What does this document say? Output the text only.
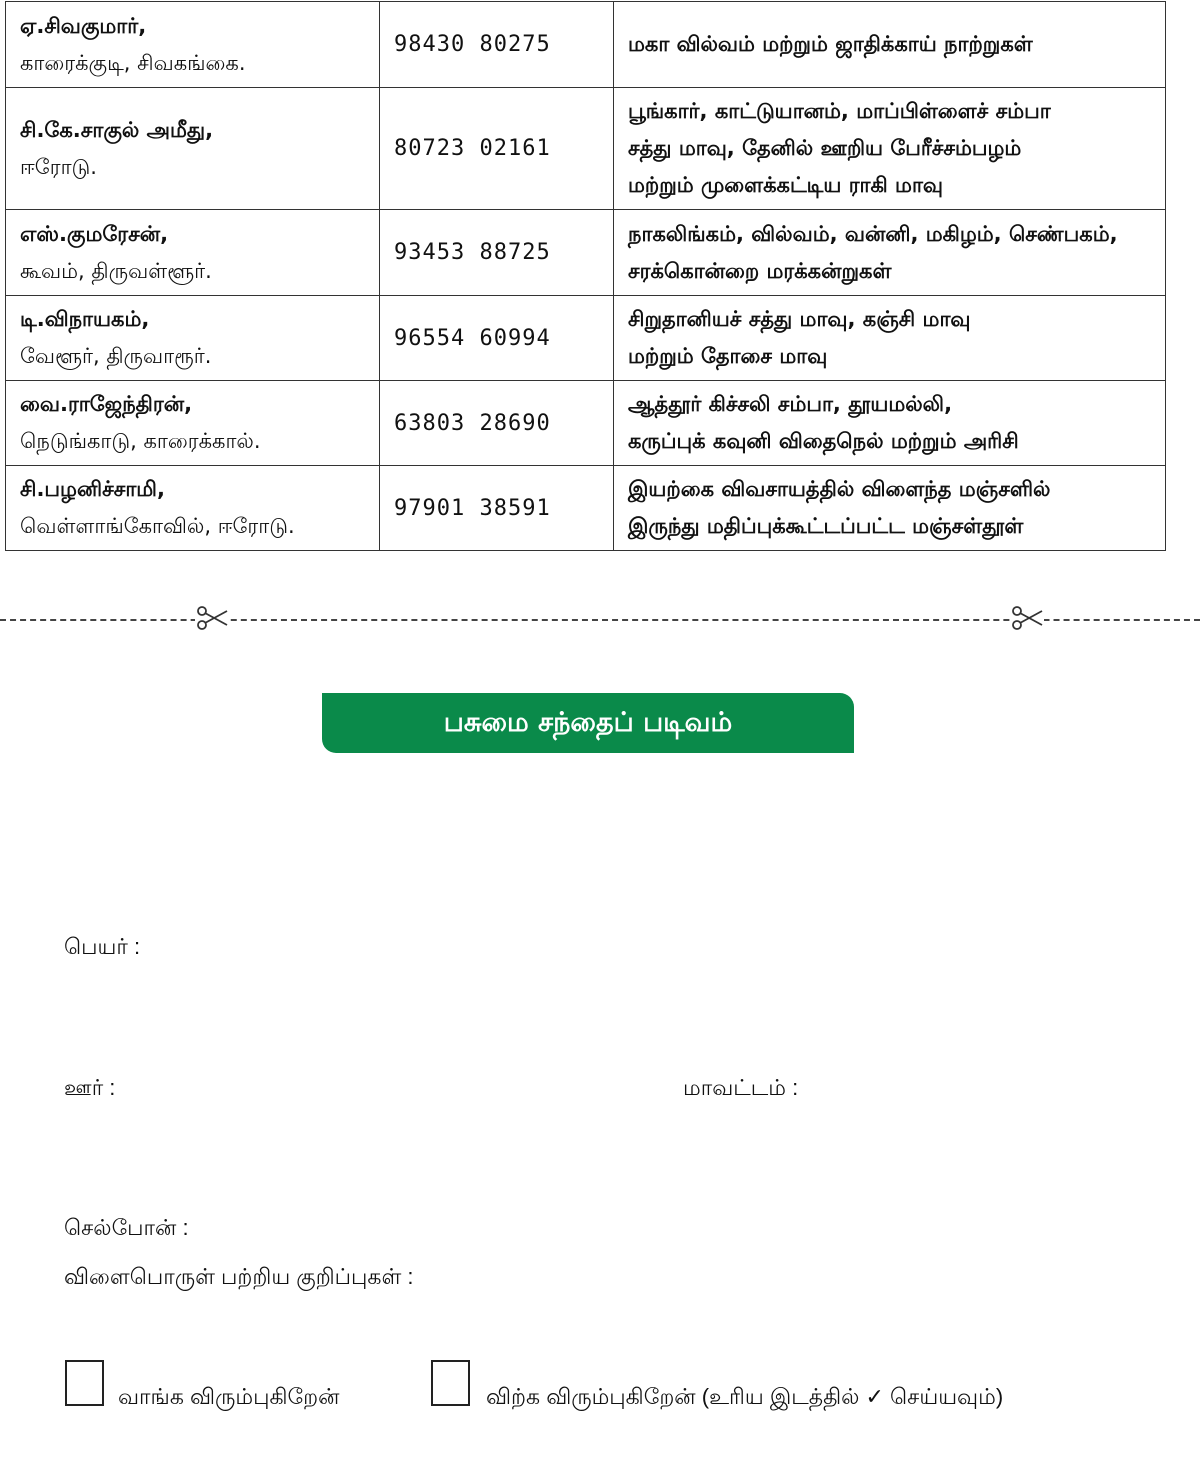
ஏ.சிவகுமார்,
காரைக்குடி, சிவகங்கை.	98430 80275	மகா வில்வம் மற்றும் ஜாதிக்காய் நாற்றுகள்

சி.கே.சாகுல் அமீது,
ஈரோடு.	80723 02161	பூங்கார், காட்டுயானம், மாப்பிள்ளைச் சம்பா
சத்து மாவு, தேனில் ஊறிய பேரீச்சம்பழம்
மற்றும் முளைக்கட்டிய ராகி மாவு

எஸ்.குமரேசன்,
கூவம், திருவள்ளூர்.	93453 88725	நாகலிங்கம், வில்வம், வன்னி, மகிழம், செண்பகம்,
சரக்கொன்றை மரக்கன்றுகள்

டி.விநாயகம்,
வேளூர், திருவாரூர்.	96554 60994	சிறுதானியச் சத்து மாவு, கஞ்சி மாவு
மற்றும் தோசை மாவு

வை.ராஜேந்திரன்,
நெடுங்காடு, காரைக்கால்.	63803 28690	ஆத்தூர் கிச்சலி சம்பா, தூயமல்லி,
கருப்புக் கவுனி விதைநெல் மற்றும் அரிசி

சி.பழனிச்சாமி,
வெள்ளாங்கோவில், ஈரோடு.	97901 38591	இயற்கை விவசாயத்தில் விளைந்த மஞ்சளில்
இருந்து மதிப்புக்கூட்டப்பட்ட மஞ்சள்தூள்
பசுமை சந்தைப் படிவம்
பெயர் :
ஊர் :	மாவட்டம் :
செல்போன் :
விளைபொருள் பற்றிய குறிப்புகள் :
வாங்க விரும்புகிறேன்	விற்க விரும்புகிறேன் (உரிய இடத்தில் ✓ செய்யவும்)
